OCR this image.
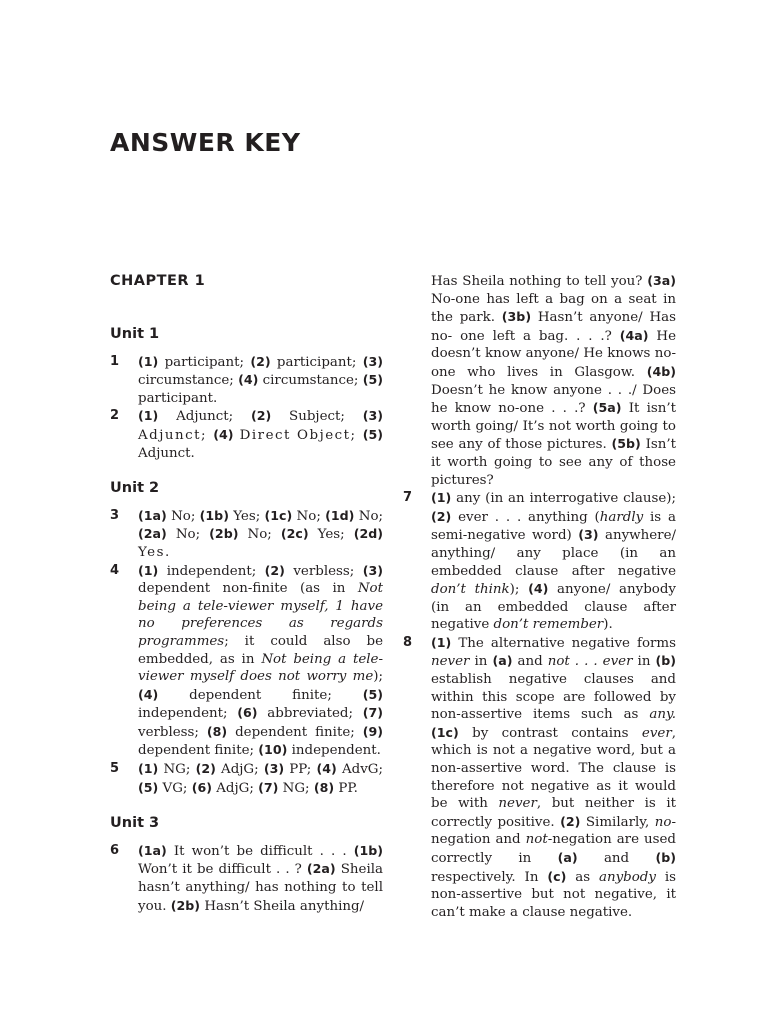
ANSWER KEY
CHAPTER 1
Unit 1
1	(1) participant; (2) participant; (3) circumstance; (4) circumstance; (5) participant.
2	(1) Adjunct; (2) Subject; (3) Adjunct; (4) Direct Object; (5) Adjunct.
Unit 2
3	(1a) No; (1b) Yes; (1c) No; (1d) No; (2a) No; (2b) No; (2c) Yes; (2d) Yes.
4	(1) independent; (2) verbless; (3) dependent non-finite (as in Not being a tele-viewer myself, 1 have no preferences as regards programmes; it could also be embedded, as in Not being a tele-viewer myself does not worry me); (4) dependent finite; (5) independent; (6) abbreviated; (7) verbless; (8) dependent finite; (9) dependent finite; (10) independent.
5	(1) NG; (2) AdjG; (3) PP; (4) AdvG; (5) VG; (6) AdjG; (7) NG; (8) PP.
Unit 3
6	(1a) It won’t be difficult . . . (1b) Won’t it be difficult . . ? (2a) Sheila hasn’t anything/ has nothing to tell you. (2b) Hasn’t Sheila anything/
Has Sheila nothing to tell you? (3a) No-one has left a bag on a seat in the park. (3b) Hasn’t anyone/ Has no- one left a bag. . . .? (4a) He doesn’t know anyone/ He knows no-one who lives in Glasgow. (4b) Doesn’t he know anyone . . ./ Does he know no-one . . .? (5a) It isn’t worth going/ It’s not worth going to see any of those pictures. (5b) Isn’t it worth going to see any of those pictures?
7	(1) any (in an interrogative clause); (2) ever . . . anything (hardly is a semi-negative word) (3) anywhere/ anything/ any place (in an embedded clause after negative don’t think); (4) anyone/ anybody (in an embedded clause after negative don’t remember).
8	(1) The alternative negative forms never in (a) and not . . . ever in (b) establish negative clauses and within this scope are followed by non-assertive items such as any. (1c) by contrast contains ever, which is not a negative word, but a non-assertive word. The clause is therefore not negative as it would be with never, but neither is it correctly positive. (2) Similarly, no-negation and not-negation are used correctly in (a) and (b) respectively. In (c) as anybody is non-assertive but not negative, it can’t make a clause negative.
